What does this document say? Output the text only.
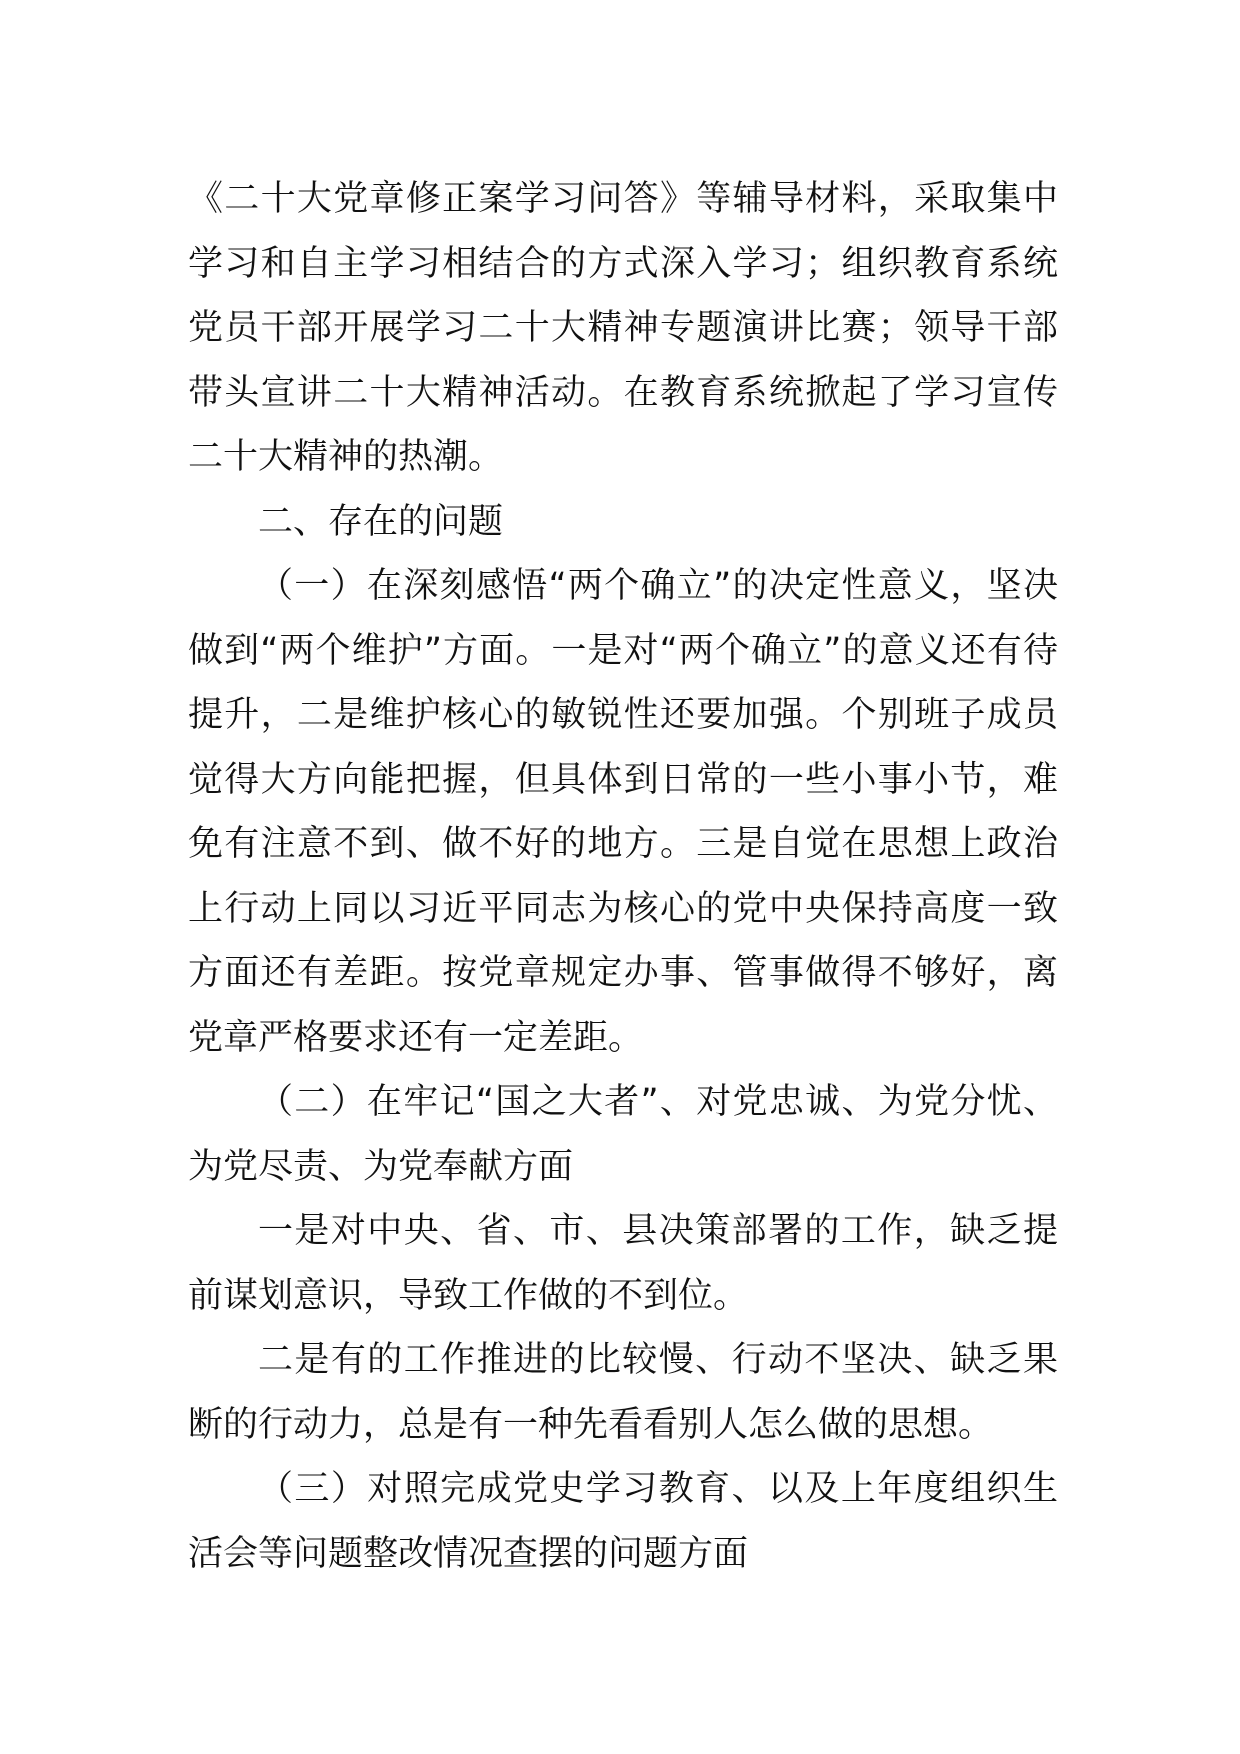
《二十大党章修正案学习问答》等辅导材料，采取集中学习和自主学习相结合的方式深入学习；组织教育系统党员干部开展学习二十大精神专题演讲比赛；领导干部带头宣讲二十大精神活动。在教育系统掀起了学习宣传二十大精神的热潮。

二、存在的问题

（一）在深刻感悟“两个确立”的决定性意义，坚决做到“两个维护”方面。一是对“两个确立”的意义还有待提升，二是维护核心的敏锐性还要加强。个别班子成员觉得大方向能把握，但具体到日常的一些小事小节，难免有注意不到、做不好的地方。三是自觉在思想上政治上行动上同以习近平同志为核心的党中央保持高度一致方面还有差距。按党章规定办事、管事做得不够好，离党章严格要求还有一定差距。

（二）在牢记“国之大者”、对党忠诚、为党分忧、为党尽责、为党奉献方面

一是对中央、省、市、县决策部署的工作，缺乏提前谋划意识，导致工作做的不到位。

二是有的工作推进的比较慢、行动不坚决、缺乏果断的行动力，总是有一种先看看别人怎么做的思想。

（三）对照完成党史学习教育、以及上年度组织生活会等问题整改情况查摆的问题方面
